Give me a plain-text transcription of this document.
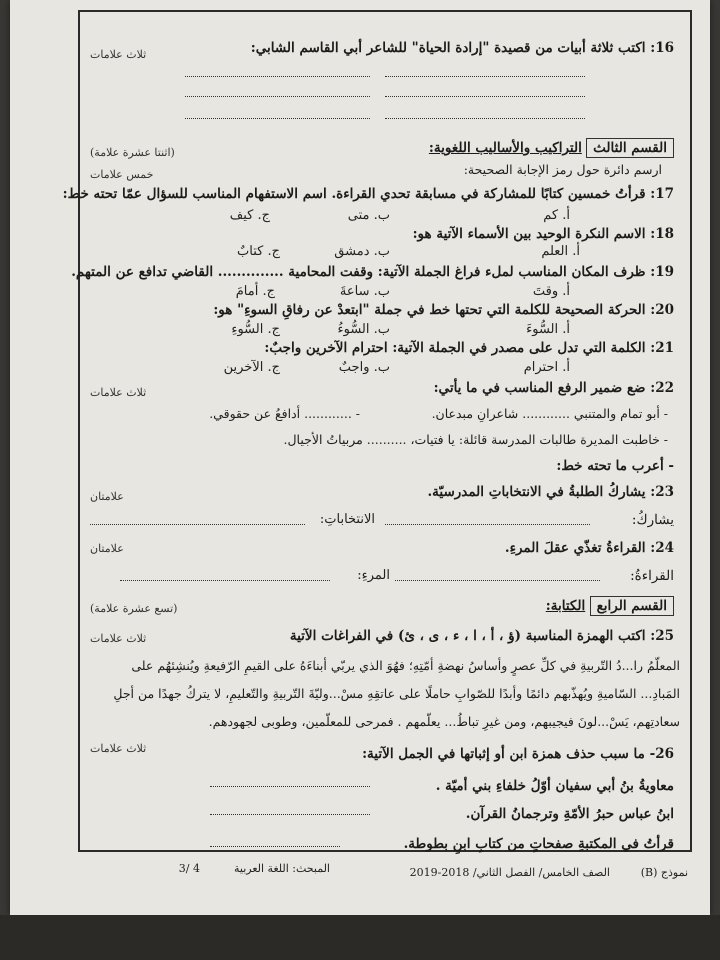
16: اكتب ثلاثة أبيات من قصيدة "إرادة الحياة" للشاعر أبي القاسم الشابي:
ثلاث علامات
القسم الثالث التراكيب والأساليب اللغوية:
(اثنتا عشرة علامة)
ارسم دائرة حول رمز الإجابة الصحيحة:
خمس علامات
17: قرأتُ خمسين كتابًا للمشاركة في مسابقة تحدي القراءة. اسم الاستفهام المناسب للسؤال عمّا تحته خط:
أ. كم
ب. متى
ج. كيف
18: الاسم النكرة الوحيد بين الأسماء الآتية هو:
أ. العلم
ب. دمشق
ج. كتابٌ
19: ظرف المكان المناسب لملء فراغ الجملة الآتية: وقفت المحامية .............. القاضي تدافع عن المتهم.
أ. وقتَ
ب. ساعةَ
ج. أمامَ
20: الحركة الصحيحة للكلمة التي تحتها خط في جملة "ابتعدْ عن رفاقِ السوءِ" هو:
أ. السُّوءَ
ب. السُّوءُ
ج. السُّوءِ
21: الكلمة التي تدل على مصدر في الجملة الآتية: احترام الآخرين واجبٌ:
أ. احترام
ب. واجبٌ
ج. الآخرين
22: ضع ضمير الرفع المناسب في ما يأتي:
ثلاث علامات
- أبو تمام والمتنبي ............ شاعرانِ مبدعان.
- ............ أدافعُ عن حقوقي.
- خاطبت المديرة طالبات المدرسة قائلة: يا فتيات، .......... مربياتُ الأجيال.
- أعرب ما تحته خط:
23: يشاركُ الطلبةُ في الانتخاباتِ المدرسيّة.
علامتان
يشاركُ:
الانتخاباتِ:
24: القراءةُ تغذّي عقلَ المرءِ.
علامتان
القراءةُ:
المرءِ:
القسم الرابع الكتابة:
(تسع عشرة علامة)
25: اكتب الهمزة المناسبة (ؤ ، أ ، ا ، ء ، ى ، ئ) في الفراغات الآتية
ثلاث علامات
المعلّمُ را...دُ التّربيةِ في كلِّ عصرٍ وأساسُ نهضةِ أمّتِهِ؛ فهُوَ الذي يربّي أبناءَهُ على القيمِ الرّفيعةِ ويُنشِئهُم على
المَبادِ... السّاميةِ ويُهذّبهم دائمًا وأبدًا للصّوابِ حاملًا على عاتقِهِ مسْ...وليّةَ التّربيةِ والتّعليمِ، لا يتركُ جهدًا من أجلِ
سعادتِهم، يَسْ...لونَ فيجيبهم، ومن غيرِ تباطُ... يعلّمهم . فمرحى للمعلّمين، وطوبى لجهودهم.
26- ما سبب حذف همزة ابن أو إثباتها في الجمل الآتية:
ثلاث علامات
معاويةُ بنُ أبي سفيان أوّلُ خلفاءِ بني أميّة .
ابنُ عباس حبرُ الأمّةِ وترجمانُ القرآن.
قرأتُ في المكتبةِ صفحاتٍ من كتابِ ابنِ بطوطة.
نموذج (B)
الصف الخامس/ الفصل الثاني/ 2018-2019
المبحث: اللغة العربية
4 /3
